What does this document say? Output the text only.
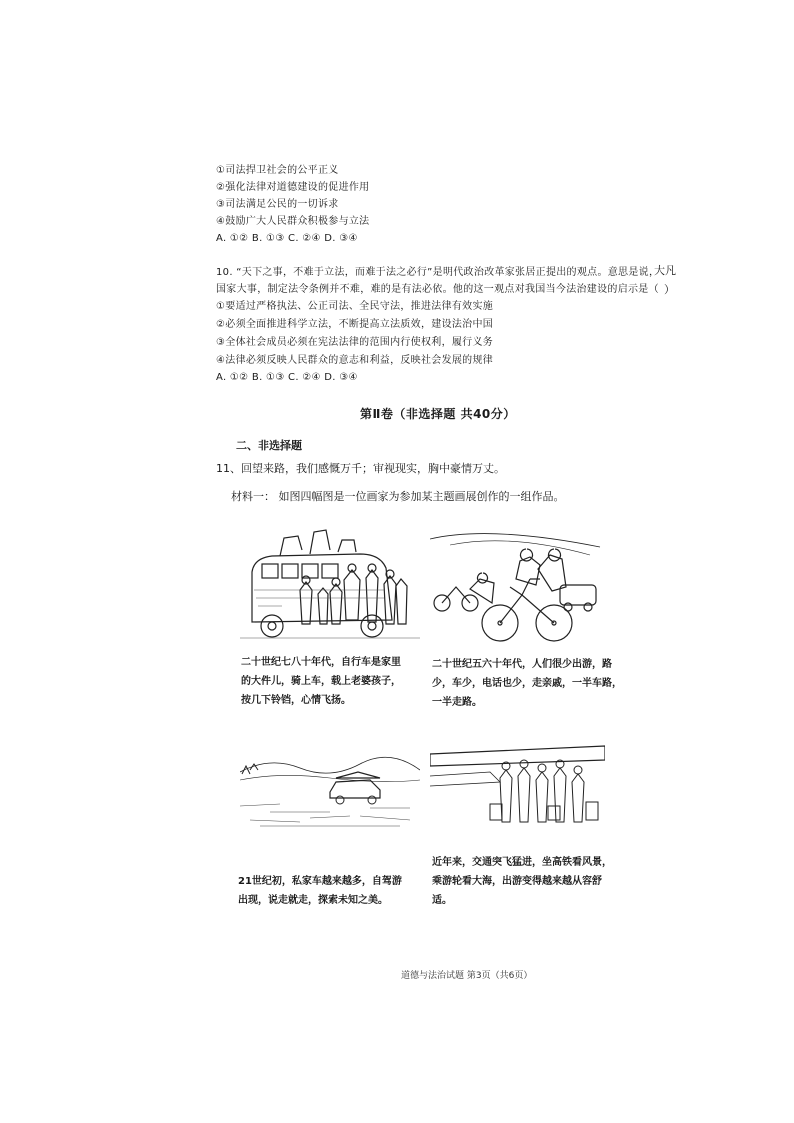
①司法捍卫社会的公平正义
②强化法律对道德建设的促进作用
③司法满足公民的一切诉求
④鼓励广大人民群众积极参与立法
A. ①② B. ①③ C. ②④ D. ③④
10. “天下之事，不难于立法，而难于法之必行”是明代政治改革家张居正提出的观点。意思是说，
大凡
国家大事，制定法令条例并不难，难的是有法必依。他的这一观点对我国当今法治建设的启示是（ ）
①要适过严格执法、公正司法、全民守法，推进法律有效实施
②必须全面推进科学立法，不断提高立法质效，建设法治中国
③全体社会成员必须在宪法法律的范围内行使权利，履行义务
④法律必须反映人民群众的意志和利益，反映社会发展的规律
A. ①② B. ①③ C. ②④ D. ③④
第Ⅱ卷（非选择题 共40分）
二、非选择题
11、回望来路，我们感慨万千；审视现实，胸中豪情万丈。
材料一： 如图四幅图是一位画家为参加某主题画展创作的一组作品。
二十世纪七八十年代，自行车是家里
的大件儿，骑上车，载上老婆孩子，
按几下铃铛，心情飞扬。
二十世纪五六十年代，人们很少出游，路
少，车少，电话也少，走亲戚，一半车路，
一半走路。
近年来，交通突飞猛进，坐高铁看风景，
乘游轮看大海，出游变得越来越从容舒
适。
21世纪初，私家车越来越多，自驾游
出现，说走就走，探索未知之美。
道德与法治试题 第3页（共6页）
